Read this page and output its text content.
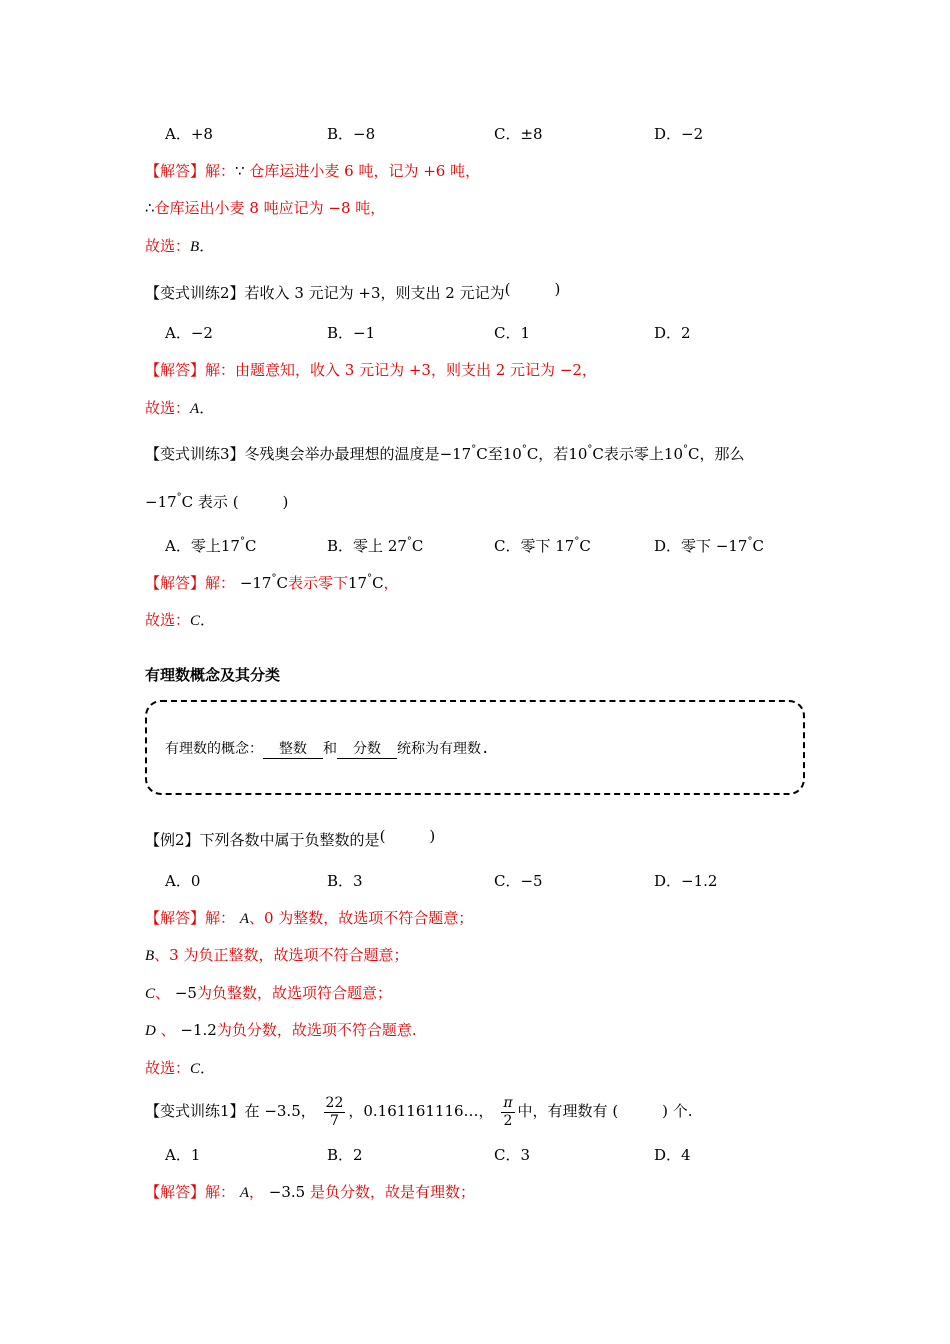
A．+8	B．−8	C．±8	D．−2
【解答】解：∵ 仓库运进小麦 6 吨，记为 +6 吨，
∴仓库运出小麦 8 吨应记为 −8 吨，
故选：B．
【变式训练2】若收入 3 元记为 +3，则支出 2 元记为(	)
A．−2	B．−1	C．1	D．2
【解答】解：由题意知，收入 3 元记为 +3，则支出 2 元记为 −2，
故选：A．
【变式训练3】冬残奥会举办最理想的温度是−17°C至10°C，若10°C表示零上10°C，那么
−17°C 表示 (	)
A．零上17°C	B．零上 27°C	C．零下 17°C	D．零下 −17°C
【解答】解： −17°C表示零下17°C，
故选：C．
有理数概念及其分类
有理数的概念： 整数 和 分数 统称为有理数.
【例2】下列各数中属于负整数的是(	)
A．0	B．3	C．−5	D．−1.2
【解答】解： A、0 为整数，故选项不符合题意；
B、3 为负正整数，故选项不符合题意；
C、 −5为负整数，故选项符合题意；
D 、 −1.2为负分数，故选项不符合题意.
故选：C．
【变式训练1】在 −3.5， $\frac{22}{7}$ ，0.161161116…， $\frac{\pi}{2}$ 中，有理数有 (	) 个.
A．1	B．2	C．3	D．4
【解答】解： A， −3.5 是负分数，故是有理数；
